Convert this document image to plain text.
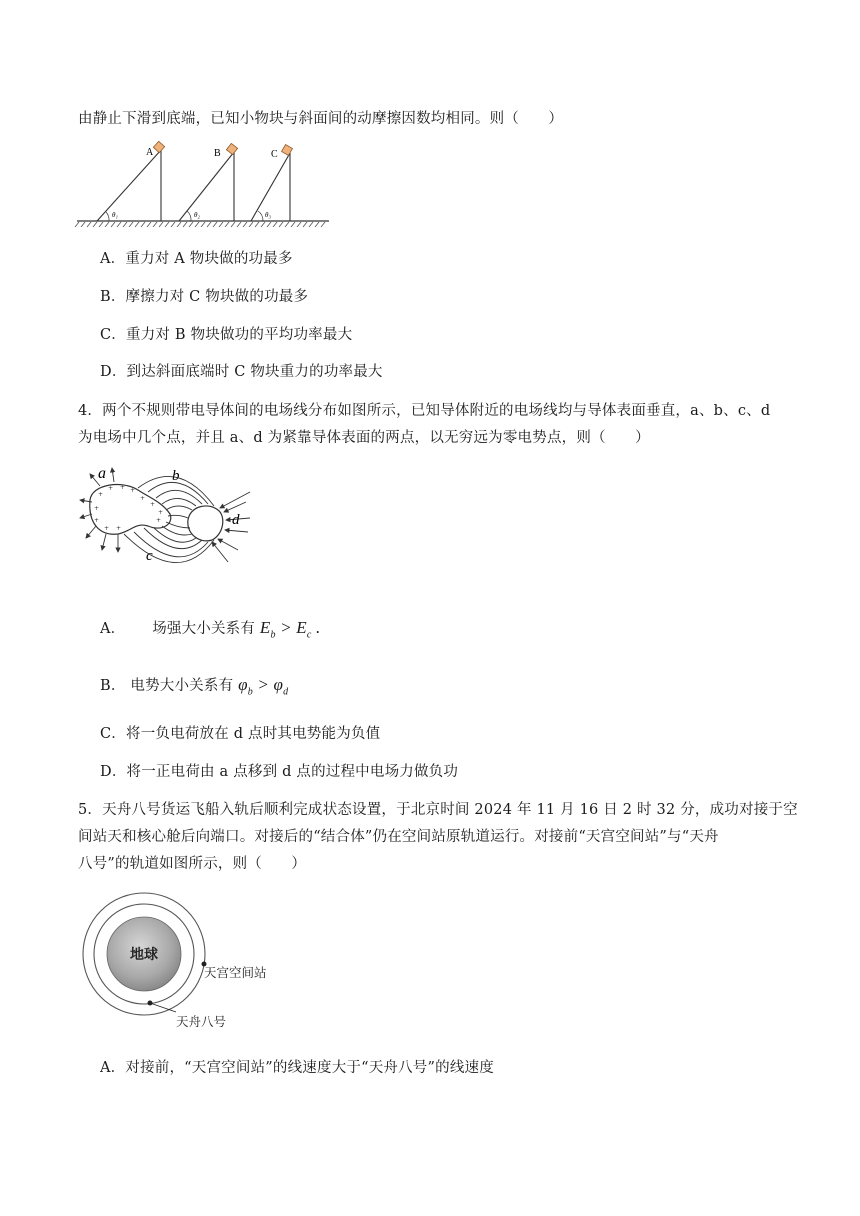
由静止下滑到底端，已知小物块与斜面间的动摩擦因数均相同。则（　　）
A
θ₁
B
θ₂
C
θ₃
A．重力对 A 物块做的功最多
B．摩擦力对 C 物块做的功最多
C．重力对 B 物块做功的平均功率最大
D．到达斜面底端时 C 物块重力的功率最大
4．两个不规则带电导体间的电场线分布如图所示，已知导体附近的电场线均与导体表面垂直，a、b、c、d
为电场中几个点，并且 a、d 为紧靠导体表面的两点，以无穷远为零电势点，则（　　）
+
+ + +
+
+
+ +
+
+
+
+
a	b
c
d
A． 场强大小关系有 $E_b > E_c$ .
B． 电势大小关系有 $\varphi_b > \varphi_d$
C．将一负电荷放在 d 点时其电势能为负值
D．将一正电荷由 a 点移到 d 点的过程中电场力做负功
5．天舟八号货运飞船入轨后顺利完成状态设置，于北京时间 2024 年 11 月 16 日 2 时 32 分，成功对接于空
间站天和核心舱后向端口。对接后的“结合体”仍在空间站原轨道运行。对接前“天宫空间站”与“天舟
八号”的轨道如图所示，则（　　）
地球
天宫空间站
天舟八号
A．对接前，“天宫空间站”的线速度大于“天舟八号”的线速度
